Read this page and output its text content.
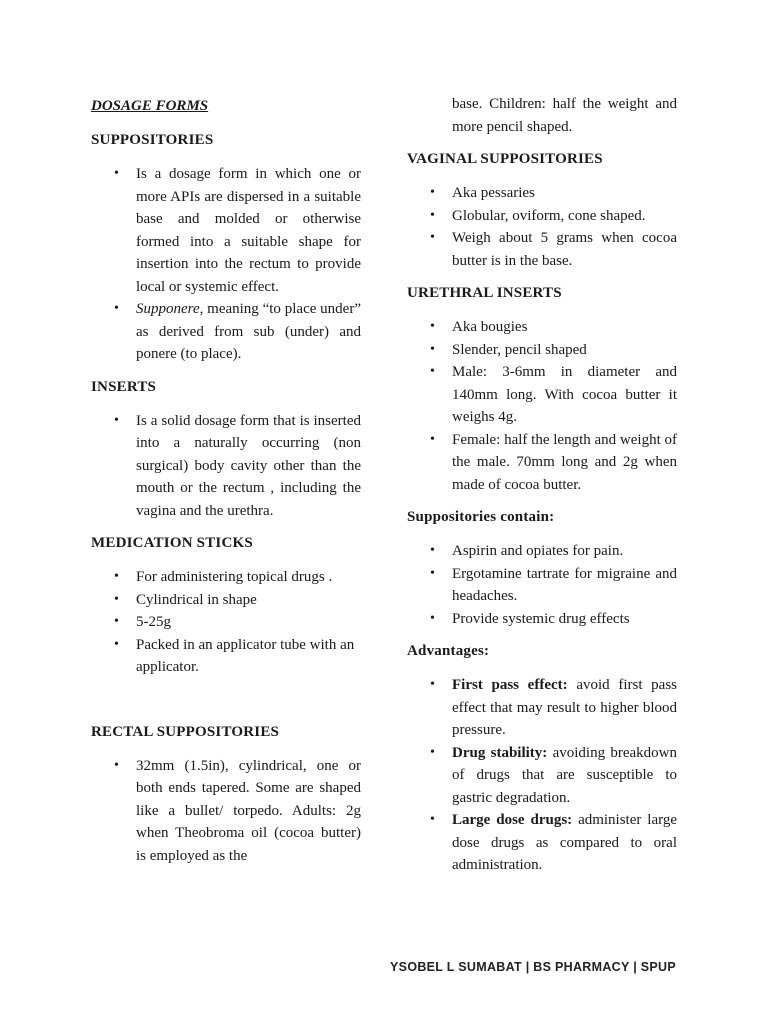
DOSAGE FORMS
SUPPOSITORIES
• Is a dosage form in which one or more APIs are dispersed in a suitable base and molded or otherwise formed into a suitable shape for insertion into the rectum to provide local or systemic effect.
• Supponere, meaning “to place under” as derived from sub (under) and ponere (to place).
INSERTS
• Is a solid dosage form that is inserted into a naturally occurring (non surgical) body cavity other than the mouth or the rectum , including the vagina and the urethra.
MEDICATION STICKS
• For administering topical drugs .
• Cylindrical in shape
• 5-25g
• Packed in an applicator tube with an applicator.
RECTAL SUPPOSITORIES
• 32mm (1.5in), cylindrical, one or both ends tapered. Some are shaped like a bullet/ torpedo. Adults: 2g when Theobroma oil (cocoa butter) is employed as the
base. Children: half the weight and more pencil shaped.
VAGINAL SUPPOSITORIES
• Aka pessaries
• Globular, oviform, cone shaped.
• Weigh about 5 grams when cocoa butter is in the base.
URETHRAL INSERTS
• Aka bougies
• Slender, pencil shaped
• Male: 3-6mm in diameter and 140mm long. With cocoa butter it weighs 4g.
• Female: half the length and weight of the male. 70mm long and 2g when made of cocoa butter.
Suppositories contain:
• Aspirin and opiates for pain.
• Ergotamine tartrate for migraine and headaches.
• Provide systemic drug effects
Advantages:
• First pass effect: avoid first pass effect that may result to higher blood pressure.
• Drug stability: avoiding breakdown of drugs that are susceptible to gastric degradation.
• Large dose drugs: administer large dose drugs as compared to oral administration.
YSOBEL L SUMABAT | BS PHARMACY | SPUP
